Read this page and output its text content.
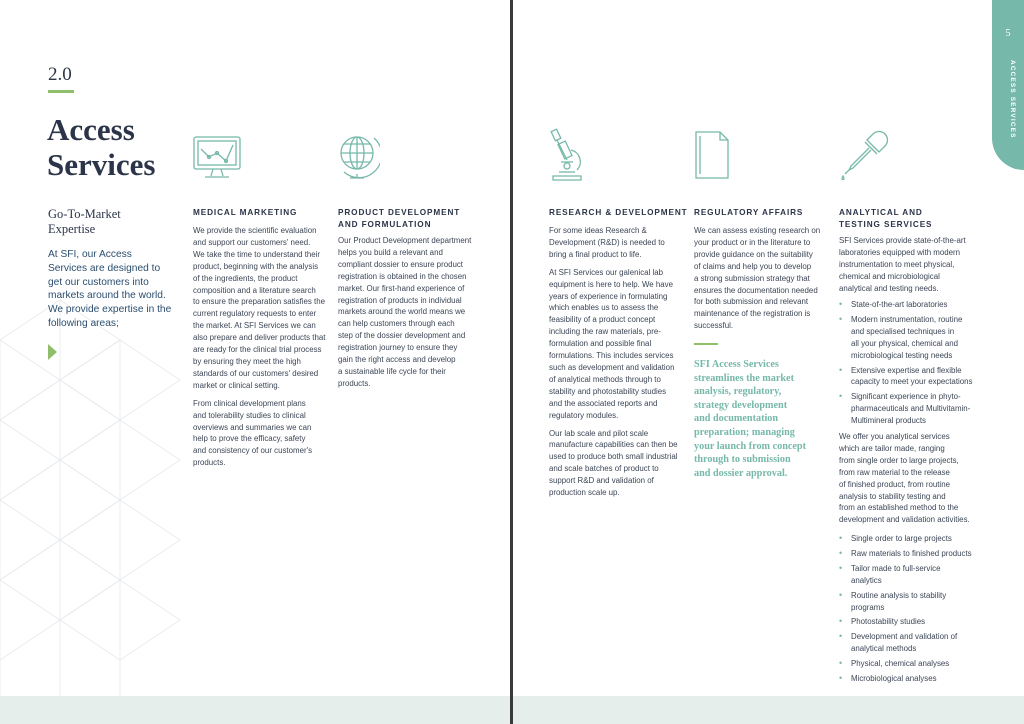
2.0
Access
Services
Go-To-Market
Expertise
At SFI, our Access
Services are designed to
get our customers into
markets around the world.
We provide expertise in the
following areas;
MEDICAL MARKETING
We provide the scientific evaluation
and support our customers' need.
We take the time to understand their
product, beginning with the analysis
of the ingredients, the product
composition and a literature search
to ensure the preparation satisfies the
current regulatory requests to enter
the market. At SFI Services we can
also prepare and deliver products that
are ready for the clinical trial process
by ensuring they meet the high
standards of our customers' desired
market or clinical setting.
From clinical development plans
and tolerability studies to clinical
overviews and summaries we can
help to prove the efficacy, safety
and consistency of our customer's
products.
PRODUCT DEVELOPMENT
AND FORMULATION
Our Product Development department
helps you build a relevant and
compliant dossier to ensure product
registration is obtained in the chosen
market. Our first-hand experience of
registration of products in individual
markets around the world means we
can help customers through each
step of the dossier development and
registration journey to ensure they
gain the right access and develop
a sustainable life cycle for their
products.
RESEARCH & DEVELOPMENT
For some ideas Research &
Development (R&D) is needed to
bring a final product to life.
At SFI Services our galenical lab
equipment is here to help. We have
years of experience in formulating
which enables us to assess the
feasibility of a product concept
including the raw materials, pre-
formulation and possible final
formulations. This includes services
such as development and validation
of analytical methods through to
stability and photostability studies
and the associated reports and
regulatory modules.
Our lab scale and pilot scale
manufacture capabilities can then be
used to produce both small industrial
and scale batches of product to
support R&D and validation of
production scale up.
REGULATORY AFFAIRS
We can assess existing research on
your product or in the literature to
provide guidance on the suitability
of claims and help you to develop
a strong submission strategy that
ensures the documentation needed
for both submission and relevant
maintenance of the registration is
successful.
SFI Access Services
streamlines the market
analysis, regulatory,
strategy development
and documentation
preparation; managing
your launch from concept
through to submission
and dossier approval.
ANALYTICAL AND
TESTING SERVICES
SFI Services provide state-of-the-art
laboratories equipped with modern
instrumentation to meet physical,
chemical and microbiological
analytical and testing needs.
• State-of-the-art laboratories
• Modern instrumentation, routine
and specialised techniques in
all your physical, chemical and
microbiological testing needs
• Extensive expertise and flexible
capacity to meet your expectations
• Significant experience in phyto-
pharmaceuticals and Multivitamin-
Multimineral products
We offer you analytical services
which are tailor made, ranging
from single order to large projects,
from raw material to the release
of finished product, from routine
analysis to stability testing and
from an established method to the
development and validation activities.
• Single order to large projects
• Raw materials to finished products
• Tailor made to full-service
analytics
• Routine analysis to stability
programs
• Photostability studies
• Development and validation of
analytical methods
• Physical, chemical analyses
• Microbiological analyses
5
ACCESS SERVICES
